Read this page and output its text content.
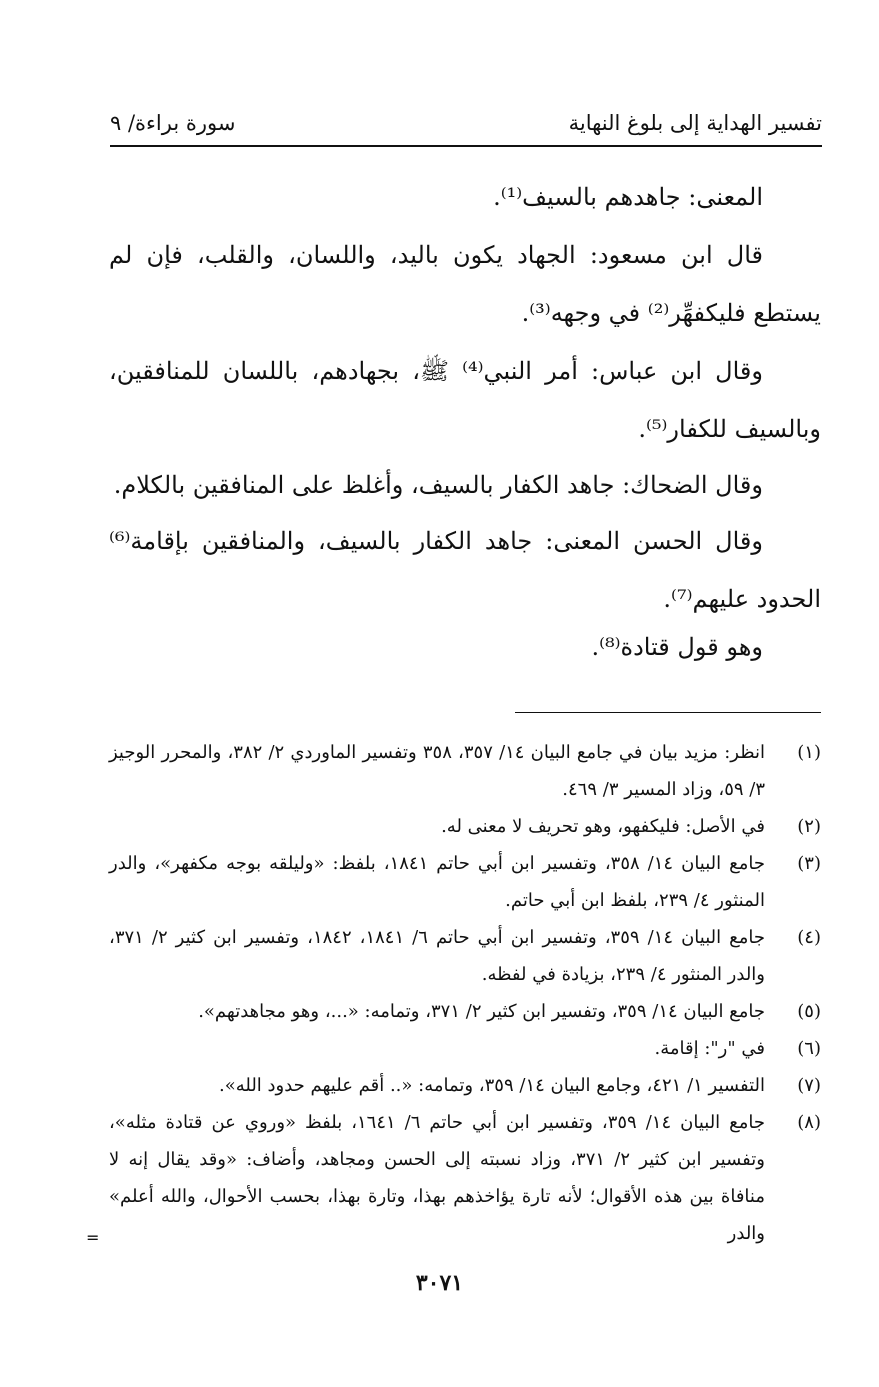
تفسير الهداية إلى بلوغ النهاية
سورة براءة/ ٩
المعنى: جاهدهم بالسيف⁽¹⁾.
قال ابن مسعود: الجهاد يكون باليد، واللسان، والقلب، فإن لم يستطع فليكفهِّر⁽²⁾ في وجهه⁽³⁾.
وقال ابن عباس: أمر النبي⁽⁴⁾ ﷺ، بجهادهم، باللسان للمنافقين، وبالسيف للكفار⁽⁵⁾.
وقال الضحاك: جاهد الكفار بالسيف، وأغلظ على المنافقين بالكلام.
وقال الحسن المعنى: جاهد الكفار بالسيف، والمنافقين بإقامة⁽⁶⁾ الحدود عليهم⁽⁷⁾.
وهو قول قتادة⁽⁸⁾.
(١)
انظر: مزيد بيان في جامع البيان ١٤/ ٣٥٧، ٣٥٨ وتفسير الماوردي ٢/ ٣٨٢، والمحرر الوجيز ٣/ ٥٩، وزاد المسير ٣/ ٤٦٩.
(٢)
في الأصل: فليكفهو، وهو تحريف لا معنى له.
(٣)
جامع البيان ١٤/ ٣٥٨، وتفسير ابن أبي حاتم ١٨٤١، بلفظ: «وليلقه بوجه مكفهر»، والدر المنثور ٤/ ٢٣٩، بلفظ ابن أبي حاتم.
(٤)
جامع البيان ١٤/ ٣٥٩، وتفسير ابن أبي حاتم ٦/ ١٨٤١، ١٨٤٢، وتفسير ابن كثير ٢/ ٣٧١، والدر المنثور ٤/ ٢٣٩، بزيادة في لفظه.
(٥)
جامع البيان ١٤/ ٣٥٩، وتفسير ابن كثير ٢/ ٣٧١، وتمامه: «...، وهو مجاهدتهم».
(٦)
في "ر": إقامة.
(٧)
التفسير ١/ ٤٢١، وجامع البيان ١٤/ ٣٥٩، وتمامه: «.. أقم عليهم حدود الله».
(٨)
جامع البيان ١٤/ ٣٥٩، وتفسير ابن أبي حاتم ٦/ ١٦٤١، بلفظ «وروي عن قتادة مثله»، وتفسير ابن كثير ٢/ ٣٧١، وزاد نسبته إلى الحسن ومجاهد، وأضاف: «وقد يقال إنه لا منافاة بين هذه الأقوال؛ لأنه تارة يؤاخذهم بهذا، وتارة بهذا، بحسب الأحوال، والله أعلم» والدر
=
٣٠٧١
